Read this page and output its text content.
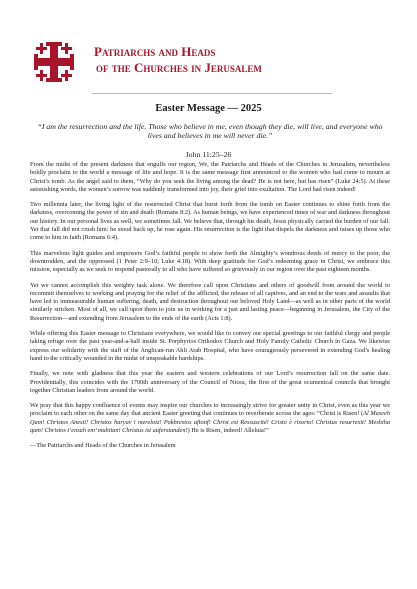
Patriarchs and Heads
of the Churches in Jerusalem
Easter Message — 2025
“I am the resurrection and the life. Those who believe in me, even though they die, will live, and everyone who lives and believes in me will never die.”
John 11:25–26

From the midst of the present darkness that engulfs our region, We, the Patriarchs and Heads of the Churches in Jerusalem, nevertheless boldly proclaim to the world a message of life and hope. It is the same message first announced to the women who had come to mourn at Christ’s tomb. As the angel said to them, “Why do you seek the living among the dead? He is not here, but has risen” (Luke 24:5). At these astonishing words, the women’s sorrow was suddenly transformed into joy, their grief into exultation. The Lord had risen indeed!

Two millennia later, the living light of the resurrected Christ that burst forth from the tomb on Easter continues to shine forth from the darkness, overcoming the power of sin and death (Romans 8:2). As human beings, we have experienced times of war and darkness throughout our history. In our personal lives as well, we sometimes fall. We believe that, through his death, Jesus physically carried the burden of our fall. Yet that fall did not crush him: he stood back up, he rose again. His resurrection is the light that dispels the darkness and raises up those who come to him in faith (Romans 6:4).

This marvelous light guides and empowers God’s faithful people to show forth the Almighty’s wondrous deeds of mercy to the poor, the downtrodden, and the oppressed (1 Peter 2:9–10; Luke 4:18). With deep gratitude for God’s redeeming grace in Christ, we embrace this mission, especially as we seek to respond pastorally to all who have suffered so grievously in our region over the past eighteen months.

Yet we cannot accomplish this weighty task alone. We therefore call upon Christians and others of goodwill from around the world to recommit themselves to working and praying for the relief of the afflicted, the release of all captives, and an end to the wars and assaults that have led to immeasurable human suffering, death, and destruction throughout our beloved Holy Land—as well as in other parts of the world similarly stricken. Most of all, we call upon them to join us in working for a just and lasting peace—beginning in Jerusalem, the City of the Resurrection—and extending from Jerusalem to the ends of the earth (Acts 1:8).

While offering this Easter message to Christians everywhere, we would like to convey our special greetings to our faithful clergy and people taking refuge over the past year-and-a-half inside St. Porphyrios Orthodox Church and Holy Family Catholic Church in Gaza. We likewise express our solidarity with the staff of the Anglican-run Ahli Arab Hospital, who have courageously persevered in extending God’s healing hand to the critically wounded in the midst of unspeakable hardships.

Finally, we note with gladness that this year the eastern and western celebrations of our Lord’s resurrection fall on the same date. Providentially, this coincides with the 1700th anniversary of the Council of Nicea, the first of the great ecumenical councils that brought together Christian leaders from around the world.

We pray that this happy confluence of events may inspire our churches to increasingly strive for greater unity in Christ, even as this year we proclaim to each other on the same day that ancient Easter greeting that continues to reverberate across the ages: “Christ is Risen! (Al Maseeh Qam! Christos Anesti! Christos haryav i merelotz! Pokhrestos aftonf! Christ est Ressuscité! Cristo è risorto! Christus resurrexit! Meshiha qam! Christos t’ensah em’ muhitan! Christus ist auferstanden!) He is Risen, indeed! Alleluia!”

—The Patriarchs and Heads of the Churches in Jerusalem
